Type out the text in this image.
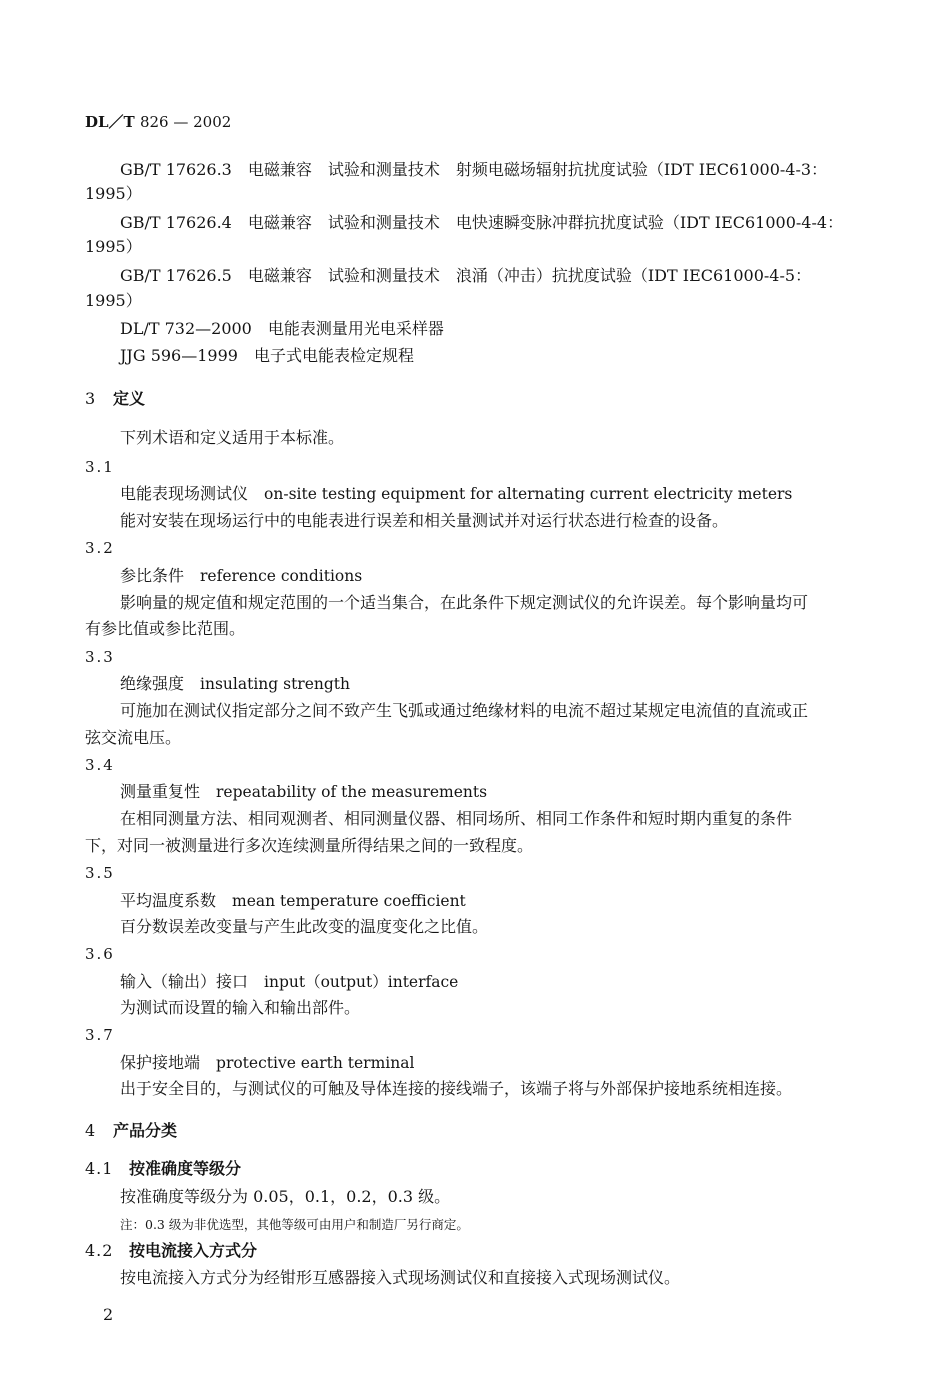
DL／T 826 — 2002
GB/T 17626.3　电磁兼容　试验和测量技术　射频电磁场辐射抗扰度试验（IDT IEC61000-4-3：
1995）
GB/T 17626.4　电磁兼容　试验和测量技术　电快速瞬变脉冲群抗扰度试验（IDT IEC61000-4-4：
1995）
GB/T 17626.5　电磁兼容　试验和测量技术　浪涌（冲击）抗扰度试验（IDT IEC61000-4-5：
1995）
DL/T 732—2000　电能表测量用光电采样器
JJG 596—1999　电子式电能表检定规程
3 定义
下列术语和定义适用于本标准。
3.1
电能表现场测试仪 on-site testing equipment for alternating current electricity meters
能对安装在现场运行中的电能表进行误差和相关量测试并对运行状态进行检查的设备。
3.2
参比条件 reference conditions
影响量的规定值和规定范围的一个适当集合，在此条件下规定测试仪的允许误差。每个影响量均可
有参比值或参比范围。
3.3
绝缘强度 insulating strength
可施加在测试仪指定部分之间不致产生飞弧或通过绝缘材料的电流不超过某规定电流值的直流或正
弦交流电压。
3.4
测量重复性 repeatability of the measurements
在相同测量方法、相同观测者、相同测量仪器、相同场所、相同工作条件和短时期内重复的条件
下，对同一被测量进行多次连续测量所得结果之间的一致程度。
3.5
平均温度系数 mean temperature coefficient
百分数误差改变量与产生此改变的温度变化之比值。
3.6
输入（输出）接口 input（output）interface
为测试而设置的输入和输出部件。
3.7
保护接地端 protective earth terminal
出于安全目的，与测试仪的可触及导体连接的接线端子，该端子将与外部保护接地系统相连接。
4 产品分类
4.1 按准确度等级分
按准确度等级分为 0.05，0.1，0.2，0.3 级。
注：0.3 级为非优选型，其他等级可由用户和制造厂另行商定。
4.2 按电流接入方式分
按电流接入方式分为经钳形互感器接入式现场测试仪和直接接入式现场测试仪。
2
